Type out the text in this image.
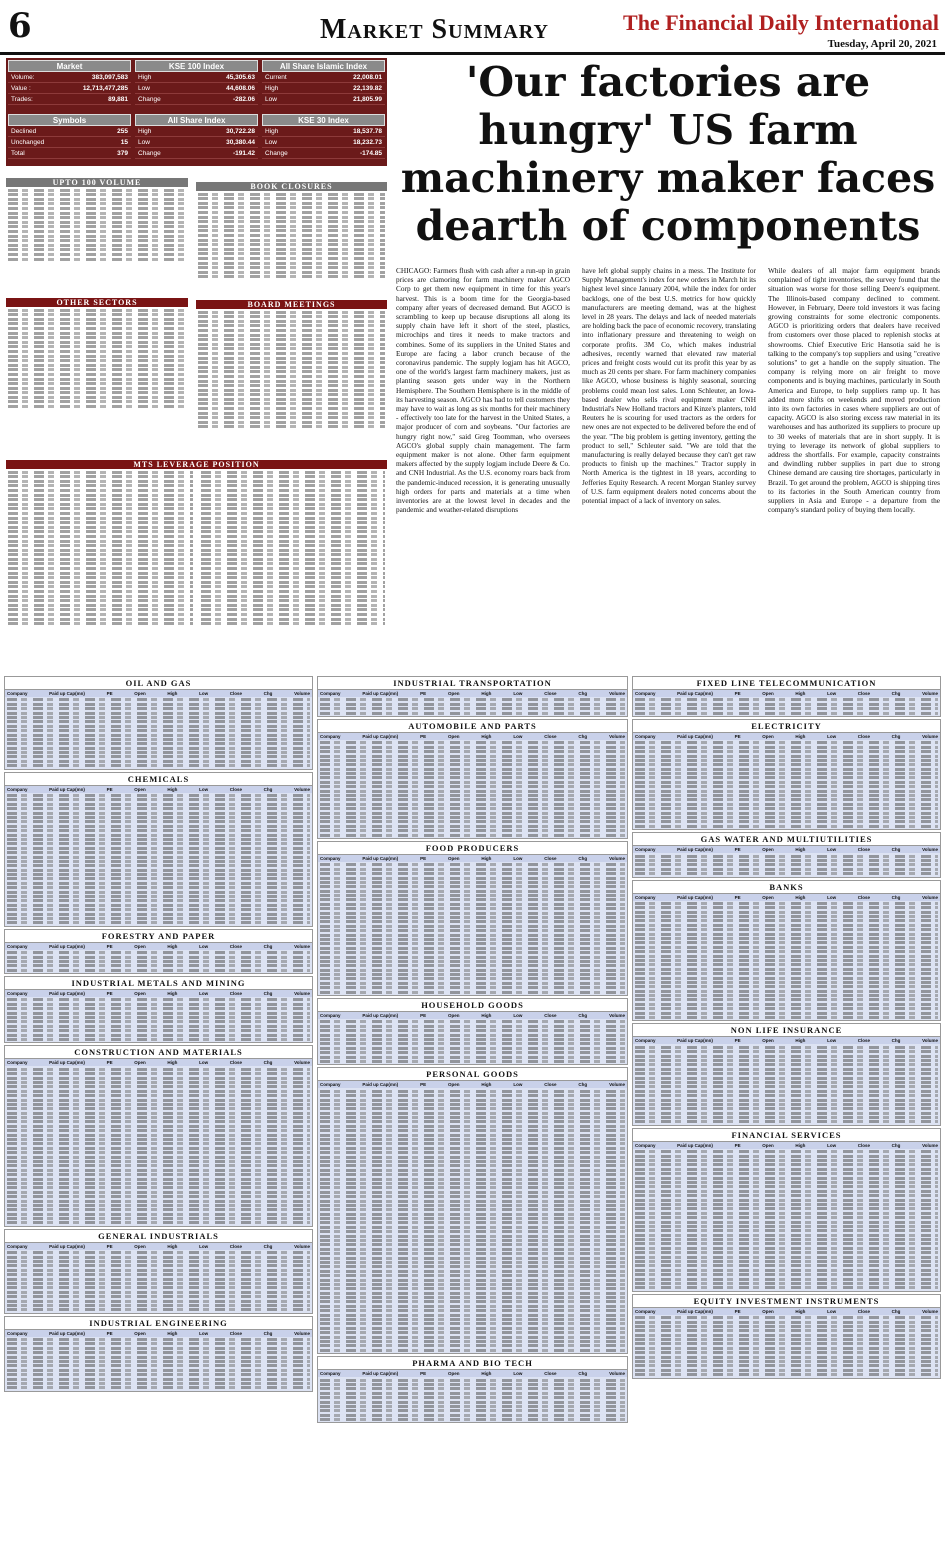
6	Market Summary	The Financial Daily International
Tuesday, April 20, 2021
Market
Volume:	383,097,583
Value :	12,713,477,285
Trades:	89,881
KSE 100 Index
High	45,305.63
Low	44,608.06
Change	-282.06
All Share Islamic Index
Current	22,008.01
High	22,139.82
Low	21,805.99
Symbols
Declined	255
Unchanged	15
Total	379
All Share Index
High	30,722.28
Low	30,380.44
Change	-191.42
KSE 30 Index
High	18,537.78
Low	18,232.73
Change	-174.85
UPTO 100 VOLUME
OTHER SECTORS
BOOK CLOSURES
BOARD MEETINGS
MTS LEVERAGE POSITION
'Our factories are hungry' US farm machinery maker faces dearth of components
CHICAGO: Farmers flush with cash after a run-up in grain prices are clamoring for farm machinery maker AGCO Corp to get them new equipment in time for this year's harvest. This is a boom time for the Georgia-based company after years of decreased demand. But AGCO is scrambling to keep up because disruptions all along its supply chain have left it short of the steel, plastics, microchips and tires it needs to make tractors and combines. Some of its suppliers in the United States and Europe are facing a labor crunch because of the coronavirus pandemic. The supply logjam has hit AGCO, one of the world's largest farm machinery makers, just as planting season gets under way in the Northern Hemisphere. The Southern Hemisphere is in the middle of its harvesting season. AGCO has had to tell customers they may have to wait as long as six months for their machinery - effectively too late for the harvest in the United States, a major producer of corn and soybeans. "Our factories are hungry right now," said Greg Toomman, who oversees AGCO's global supply chain management. The farm equipment maker is not alone. Other farm equipment makers affected by the supply logjam include Deere & Co. and CNH Industrial. As the U.S. economy roars back from the pandemic-induced recession, it is generating unusually high orders for parts and materials at a time when inventories are at the lowest level in decades and the pandemic and weather-related disruptions
have left global supply chains in a mess. The Institute for Supply Management's index for new orders in March hit its highest level since January 2004, while the index for order backlogs, one of the best U.S. metrics for how quickly manufacturers are meeting demand, was at the highest level in 28 years. The delays and lack of needed materials are holding back the pace of economic recovery, translating into inflationary pressure and threatening to weigh on corporate profits. 3M Co, which makes industrial adhesives, recently warned that elevated raw material prices and freight costs would cut its profit this year by as much as 20 cents per share. For farm machinery companies like AGCO, whose business is highly seasonal, sourcing problems could mean lost sales. Lonn Schleuter, an Iowa-based dealer who sells rival equipment maker CNH Industrial's New Holland tractors and Kinze's planters, told Reuters he is scouring for used tractors as the orders for new ones are not expected to be delivered before the end of the year. "The big problem is getting inventory, getting the product to sell," Schleuter said. "We are told that the manufacturing is really delayed because they can't get raw products to finish up the machines." Tractor supply in North America is the tightest in 18 years, according to Jefferies Equity Research. A recent Morgan Stanley survey of U.S. farm equipment dealers noted concerns about the potential impact of a lack of inventory on sales.
While dealers of all major farm equipment brands complained of tight inventories, the survey found that the situation was worse for those selling Deere's equipment. The Illinois-based company declined to comment. However, in February, Deere told investors it was facing growing constraints for some electronic components. AGCO is prioritizing orders that dealers have received from customers over those placed to replenish stocks at showrooms. Chief Executive Eric Hansotia said he is talking to the company's top suppliers and using "creative solutions" to get a handle on the supply situation. The company is relying more on air freight to move components and is buying machines, particularly in South America and Europe, to help suppliers ramp up. It has added more shifts on weekends and moved production into its own factories in cases where suppliers are out of capacity. AGCO is also storing excess raw material in its warehouses and has authorized its suppliers to procure up to 30 weeks of materials that are in short supply. It is trying to leverage its network of global suppliers to address the shortfalls. For example, capacity constraints and dwindling rubber supplies in part due to strong Chinese demand are causing tire shortages, particularly in Brazil. To get around the problem, AGCO is shipping tires to its factories in the South American country from suppliers in Asia and Europe - a departure from the company's standard policy of buying them locally.
OIL AND GAS
Company	Paid up Cap(mn)	PE	Open	High	Low	Close	Chg	Volume
CHEMICALS
Company	Paid up Cap(mn)	PE	Open	High	Low	Close	Chg	Volume
FORESTRY AND PAPER
Company	Paid up Cap(mn)	PE	Open	High	Low	Close	Chg	Volume
INDUSTRIAL METALS AND MINING
Company	Paid up Cap(mn)	PE	Open	High	Low	Close	Chg	Volume
CONSTRUCTION AND MATERIALS
Company	Paid up Cap(mn)	PE	Open	High	Low	Close	Chg	Volume
GENERAL INDUSTRIALS
Company	Paid up Cap(mn)	PE	Open	High	Low	Close	Chg	Volume
INDUSTRIAL ENGINEERING
Company	Paid up Cap(mn)	PE	Open	High	Low	Close	Chg	Volume
INDUSTRIAL TRANSPORTATION
Company	Paid up Cap(mn)	PE	Open	High	Low	Close	Chg	Volume
AUTOMOBILE AND PARTS
Company	Paid up Cap(mn)	PE	Open	High	Low	Close	Chg	Volume
FOOD PRODUCERS
Company	Paid up Cap(mn)	PE	Open	High	Low	Close	Chg	Volume
HOUSEHOLD GOODS
Company	Paid up Cap(mn)	PE	Open	High	Low	Close	Chg	Volume
PERSONAL GOODS
Company	Paid up Cap(mn)	PE	Open	High	Low	Close	Chg	Volume
PHARMA AND BIO TECH
Company	Paid up Cap(mn)	PE	Open	High	Low	Close	Chg	Volume
FIXED LINE TELECOMMUNICATION
Company	Paid up Cap(mn)	PE	Open	High	Low	Close	Chg	Volume
ELECTRICITY
Company	Paid up Cap(mn)	PE	Open	High	Low	Close	Chg	Volume
GAS WATER AND MULTIUTILITIES
Company	Paid up Cap(mn)	PE	Open	High	Low	Close	Chg	Volume
BANKS
Company	Paid up Cap(mn)	PE	Open	High	Low	Close	Chg	Volume
NON LIFE INSURANCE
Company	Paid up Cap(mn)	PE	Open	High	Low	Close	Chg	Volume
FINANCIAL SERVICES
Company	Paid up Cap(mn)	PE	Open	High	Low	Close	Chg	Volume
EQUITY INVESTMENT INSTRUMENTS
Company	Paid up Cap(mn)	PE	Open	High	Low	Close	Chg	Volume
